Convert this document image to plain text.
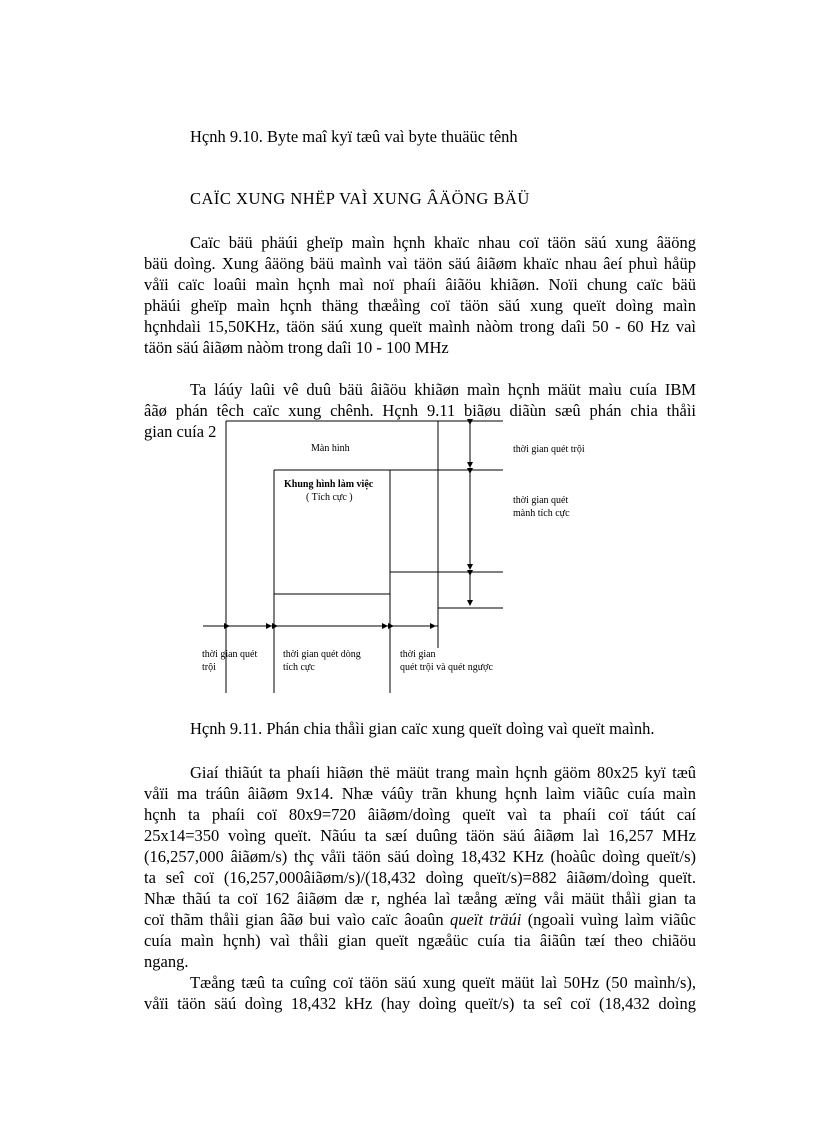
Hçnh 9.10. Byte maî kyï tæû vaì byte thuäüc tênh

CAÏC XUNG NHËP VAÌ XUNG ÂÄÖNG BÄÜ

Caïc bäü phäúi gheïp maìn hçnh khaïc nhau coï täön säú xung âäöng
bäü doìng. Xung âäöng bäü maình vaì täön säú âiãøm khaïc nhau âeí phuì håüp
våïi caïc loaûi maìn hçnh maì noï phaíi âiãöu khiãøn. Noïi chung caïc bäü
phäúi gheïp maìn hçnh thäng thæåìng coï täön säú xung queït doìng maìn
hçnhdaìi 15,50KHz, täön säú xung queït maình nàòm trong daîi 50 - 60 Hz vaì
täön säú âiãøm nàòm trong daîi 10 - 100 MHz
Ta láúy laûi vê duû bäü âiãöu khiãøn maìn hçnh mäüt maìu cuía IBM
âãø phán têch caïc xung chênh. Hçnh 9.11 biãøu diãùn sæû phán chia thåìi
gian cuía 2
Màn hình
Khung hình làm việc
( Tích cực )
thời gian quét trội
thời gian quét
mành tích cực
thời gian quét
trội
thời gian quét dòng
tích cực
thời gian
quét trội và quét ngược

Hçnh 9.11. Phán chia thåìi gian caïc xung queït doìng vaì queït maình.

Giaí thiãút ta phaíi hiãøn thë mäüt trang maìn hçnh gäöm 80x25 kyï tæû
våïi ma tráûn âiãøm 9x14. Nhæ váûy trãn khung hçnh laìm viãûc cuía maìn
hçnh ta phaíi coï 80x9=720 âiãøm/doìng queït vaì ta phaíi coï táút caí
25x14=350 voìng queït. Nãúu ta sæí duûng täön säú âiãøm laì 16,257 MHz
(16,257,000 âiãøm/s) thç våïi täön säú doìng 18,432 KHz (hoàûc doìng queït/s)
ta seî coï (16,257,000âiãøm/s)/(18,432 doìng queït/s)=882 âiãøm/doìng queït.
Nhæ thãú ta coï 162 âiãøm dæ r, nghéa laì tæång æïng våi mäüt thåìi gian ta
coï thãm thåìi gian âãø bui vaìo caïc âoaûn queït träúi (ngoaìi vuìng laìm viãûc
cuía maìn hçnh) vaì thåìi gian queït ngæåüc cuía tia âiãûn tæí theo chiãöu
ngang.
Tæång tæû ta cuîng coï täön säú xung queït mäüt laì 50Hz (50 maình/s),
våïi täön säú doìng 18,432 kHz (hay doìng queït/s) ta seî coï (18,432 doìng
